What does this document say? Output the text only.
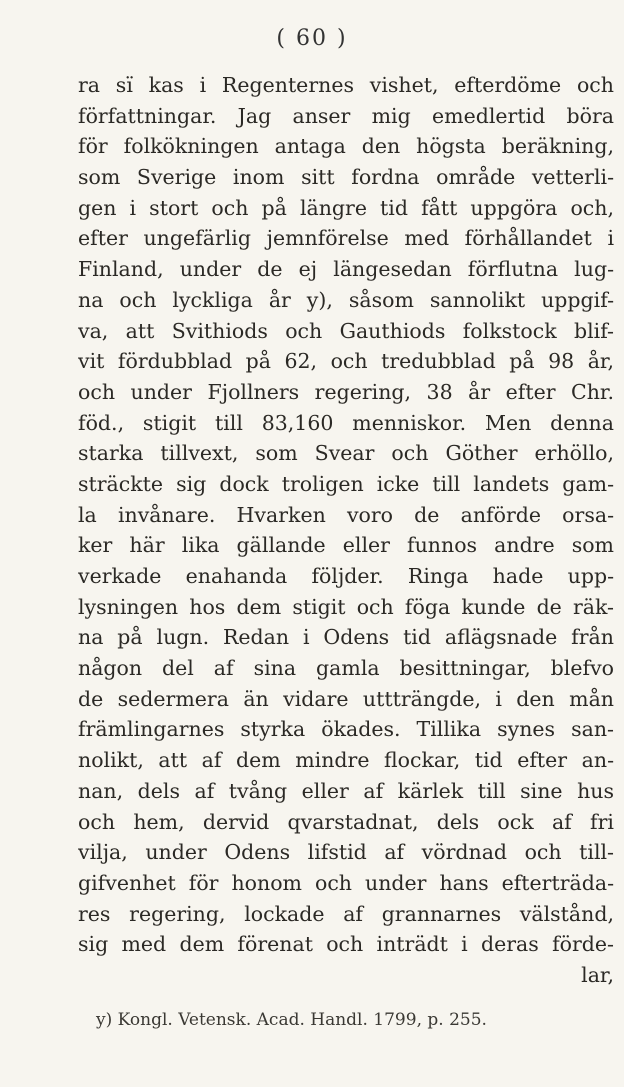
( 60 )
ra sï kas i Regenternes vishet, efterdöme och
författningar. Jag anser mig emedlertid böra
för folkökningen antaga den högsta beräkning,
som Sverige inom sitt fordna område vetterli-
gen i stort och på längre tid fått uppgöra och,
efter ungefärlig jemnförelse med förhållandet i
Finland, under de ej längesedan förflutna lug-
na och lyckliga år y), såsom sannolikt uppgif-
va, att Svithiods och Gauthiods folkstock blif-
vit fördubblad på 62, och tredubblad på 98 år,
och under Fjollners regering, 38 år efter Chr.
föd., stigit till 83,160 menniskor. Men denna
starka tillvext, som Svear och Göther erhöllo,
sträckte sig dock troligen icke till landets gam-
la invånare. Hvarken voro de anförde orsa-
ker här lika gällande eller funnos andre som
verkade enahanda följder. Ringa hade upp-
lysningen hos dem stigit och föga kunde de räk-
na på lugn. Redan i Odens tid aflägsnade från
någon del af sina gamla besittningar, blefvo
de sedermera än vidare uttträngde, i den mån
främlingarnes styrka ökades. Tillika synes san-
nolikt, att af dem mindre flockar, tid efter an-
nan, dels af tvång eller af kärlek till sine hus
och hem, dervid qvarstadnat, dels ock af fri
vilja, under Odens lifstid af vördnad och till-
gifvenhet för honom och under hans efterträda-
res regering, lockade af grannarnes välstånd,
sig med dem förenat och inträdt i deras förde-
lar,
y) Kongl. Vetensk. Acad. Handl. 1799, p. 255.
